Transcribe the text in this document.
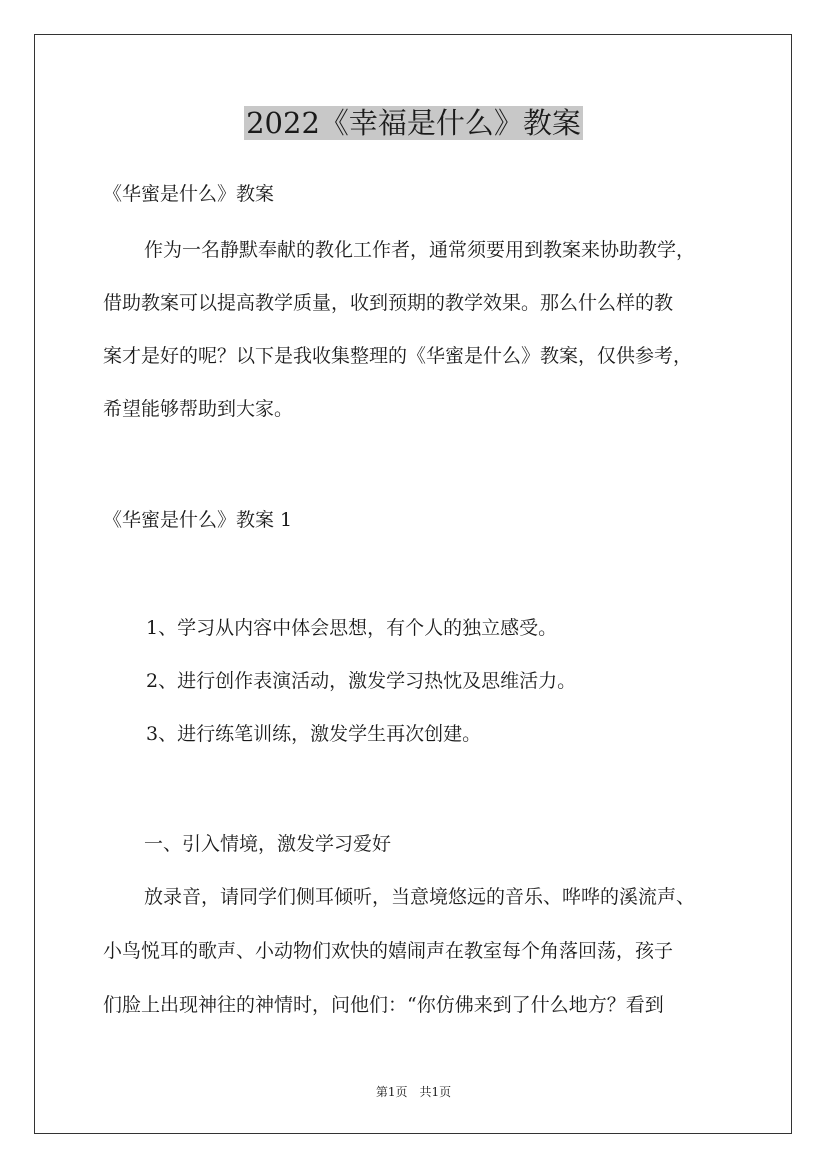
2022《幸福是什么》教案
《华蜜是什么》教案
作为一名静默奉献的教化工作者，通常须要用到教案来协助教学，
借助教案可以提高教学质量，收到预期的教学效果。那么什么样的教
案才是好的呢？以下是我收集整理的《华蜜是什么》教案，仅供参考，
希望能够帮助到大家。
《华蜜是什么》教案 1
1、学习从内容中体会思想，有个人的独立感受。
2、进行创作表演活动，激发学习热忱及思维活力。
3、进行练笔训练，激发学生再次创建。
一、引入情境，激发学习爱好
放录音，请同学们侧耳倾听，当意境悠远的音乐、哗哗的溪流声、
小鸟悦耳的歌声、小动物们欢快的嬉闹声在教室每个角落回荡，孩子
们脸上出现神往的神情时，问他们：“你仿佛来到了什么地方？看到
第1页　共1页
